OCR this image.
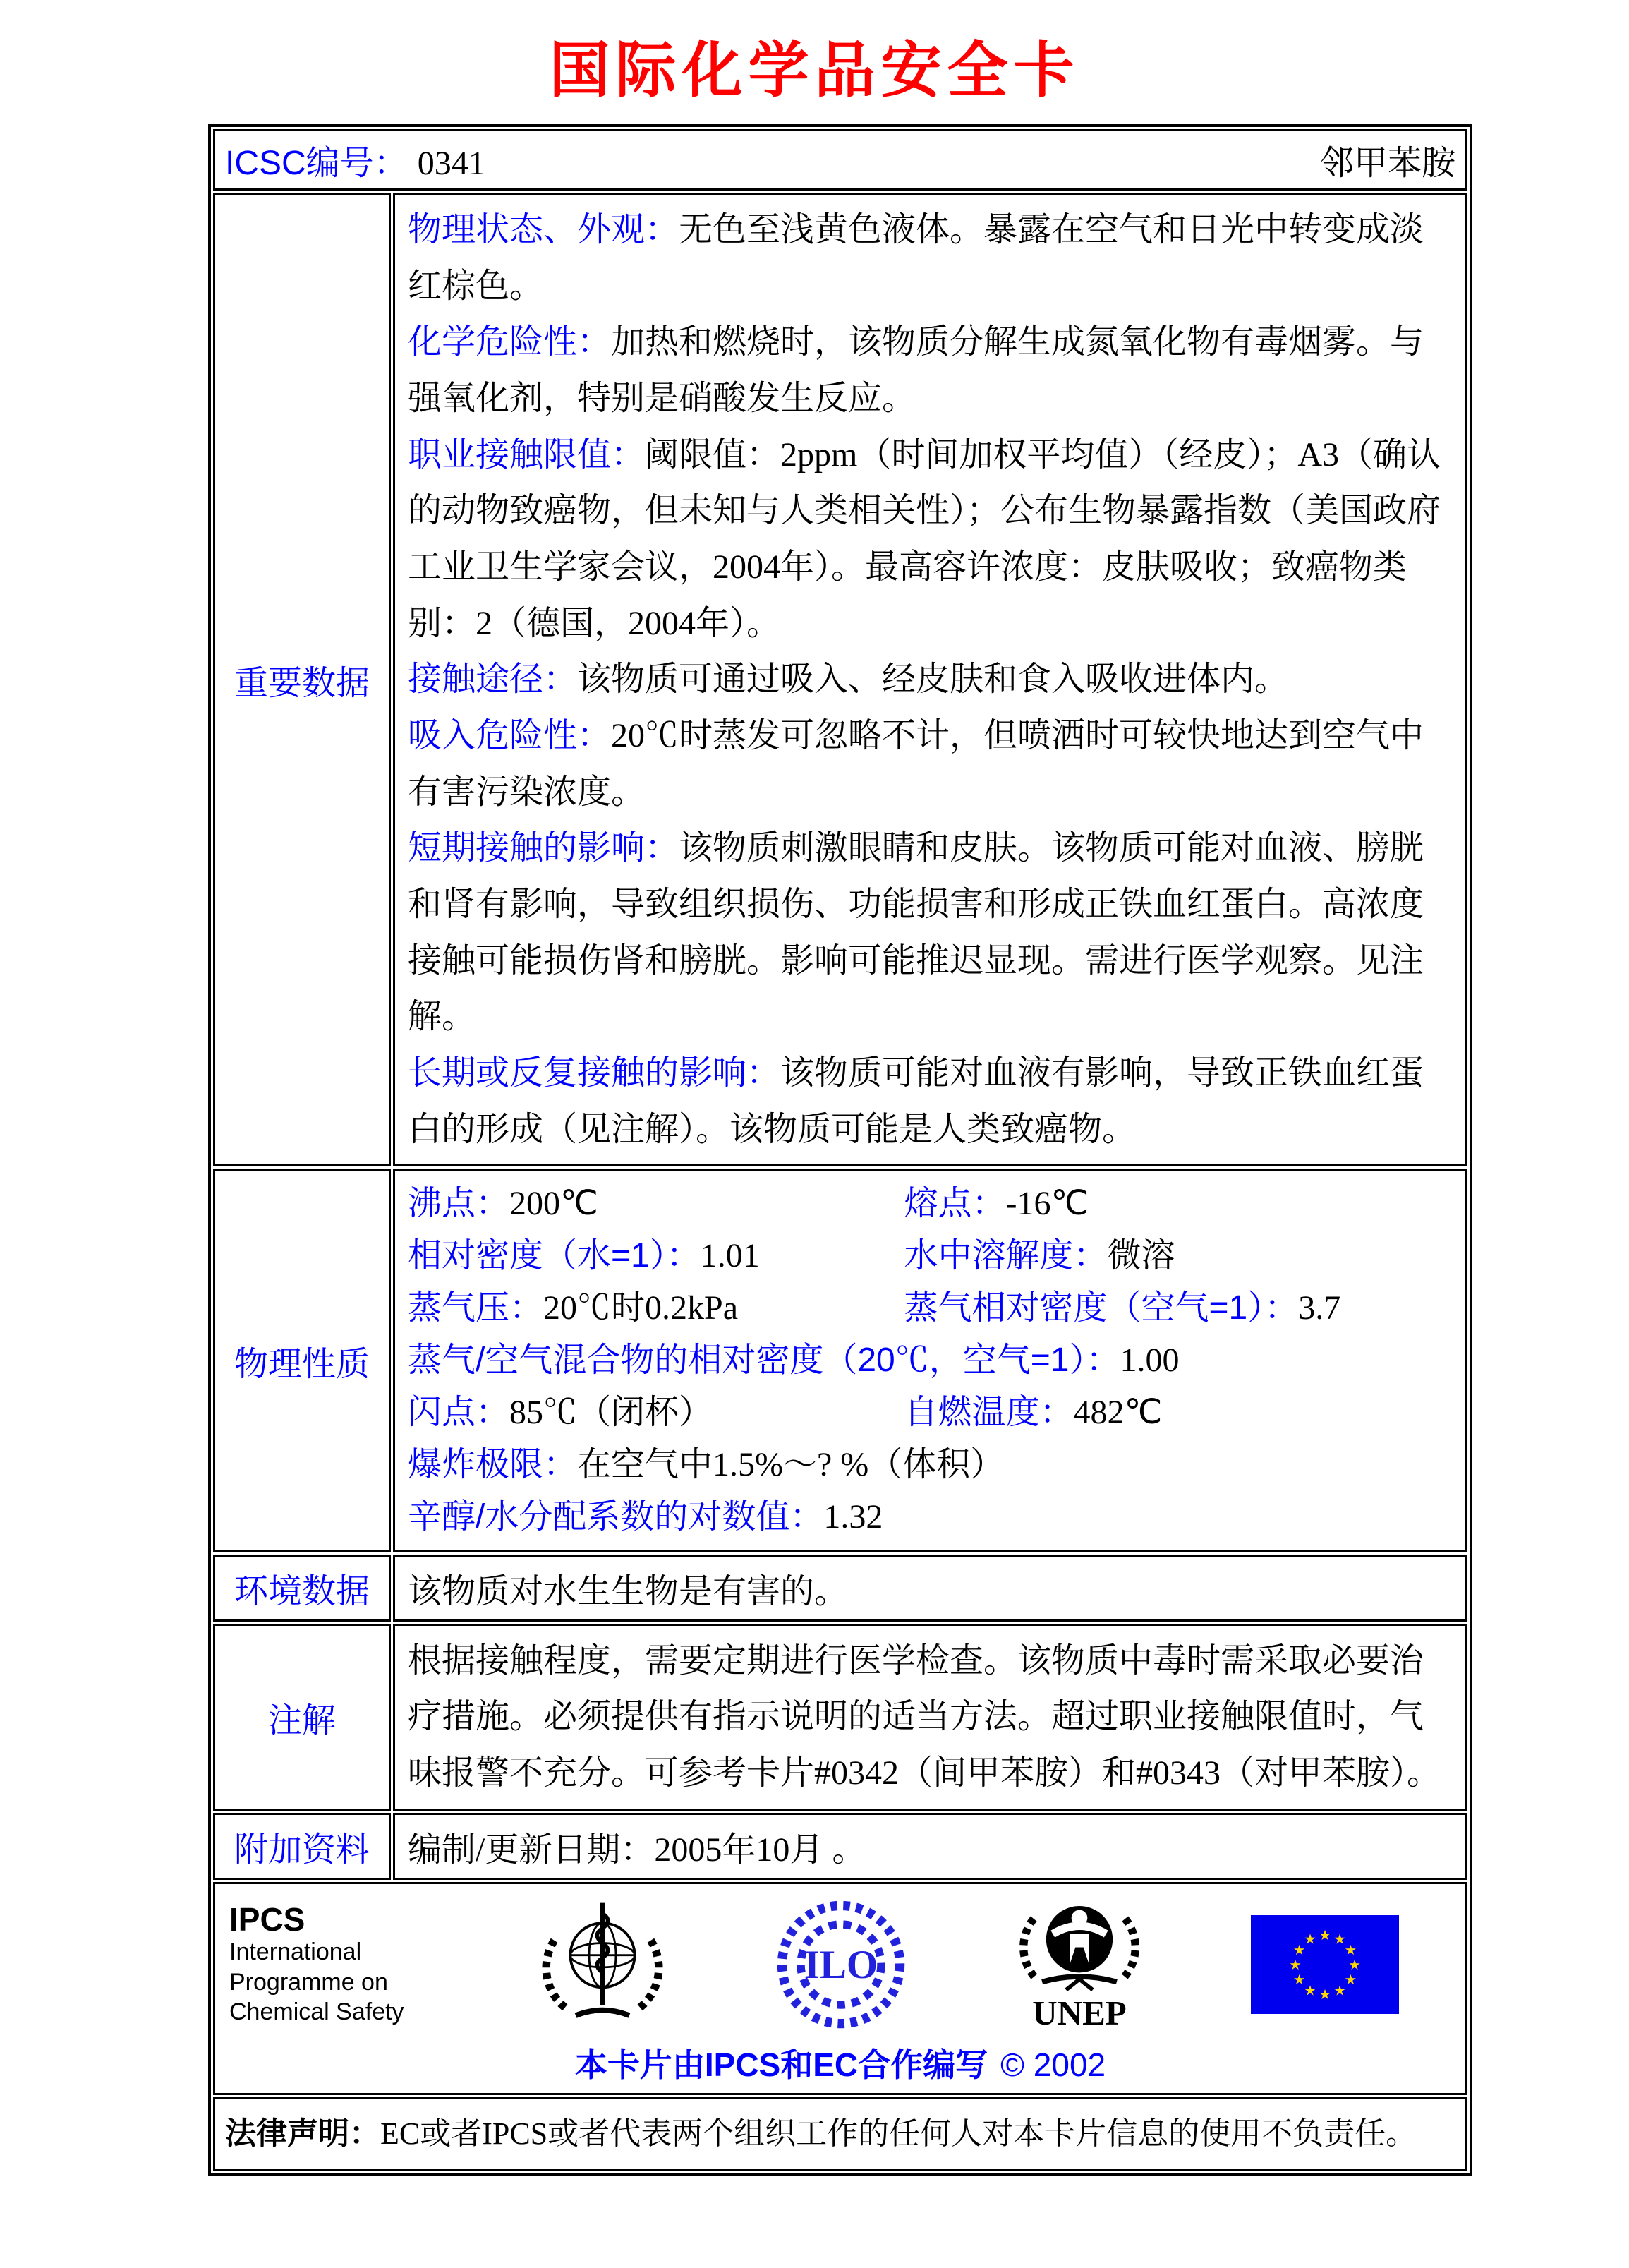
国际化学品安全卡
ICSC编号： 0341	邻甲苯胺
重要数据

物理状态、外观：无色至浅黄色液体。暴露在空气和日光中转变成淡红棕色。

化学危险性：加热和燃烧时，该物质分解生成氮氧化物有毒烟雾。与强氧化剂，特别是硝酸发生反应。

职业接触限值：阈限值：2ppm（时间加权平均值）（经皮）；A3（确认的动物致癌物，但未知与人类相关性）；公布生物暴露指数（美国政府工业卫生学家会议，2004年）。最高容许浓度：皮肤吸收；致癌物类别：2（德国，2004年）。

接触途径：该物质可通过吸入、经皮肤和食入吸收进体内。

吸入危险性：20℃时蒸发可忽略不计，但喷洒时可较快地达到空气中有害污染浓度。

短期接触的影响：该物质刺激眼睛和皮肤。该物质可能对血液、膀胱和肾有影响，导致组织损伤、功能损害和形成正铁血红蛋白。高浓度接触可能损伤肾和膀胱。影响可能推迟显现。需进行医学观察。见注解。

长期或反复接触的影响：该物质可能对血液有影响，导致正铁血红蛋白的形成（见注解）。该物质可能是人类致癌物。

物理性质
沸点：200℃	熔点：-16℃
相对密度（水=1）：1.01	水中溶解度：微溶
蒸气压：20℃时0.2kPa	蒸气相对密度（空气=1）：3.7
蒸气/空气混合物的相对密度（20℃，空气=1）：1.00
闪点：85℃（闭杯）	自燃温度：482℃
爆炸极限：在空气中1.5%～? %（体积）
辛醇/水分配系数的对数值：1.32
环境数据 该物质对水生生物是有害的。
注解

根据接触程度，需要定期进行医学检查。该物质中毒时需采取必要治疗措施。必须提供有指示说明的适当方法。超过职业接触限值时，气味报警不充分。可参考卡片#0342（间甲苯胺）和#0343（对甲苯胺）。

附加资料 编制/更新日期：2005年10月 。
IPCS
International
Programme on
Chemical Safety
ILO
UNEP
★ ★
★
★
★
★
★
★
★
★
★
★
本卡片由IPCS和EC合作编写 © 2002
法律声明：EC或者IPCS或者代表两个组织工作的任何人对本卡片信息的使用不负责任。
